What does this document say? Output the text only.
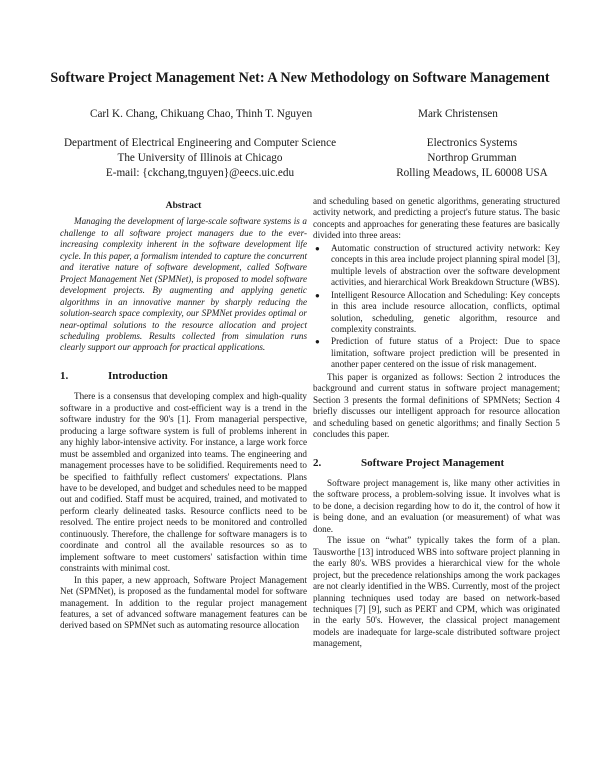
Software Project Management Net: A New Methodology on Software Management

Carl K. Chang, Chikuang Chao, Thinh T. Nguyen	Mark Christensen

Department of Electrical Engineering and Computer Science
The University of Illinois at Chicago
E-mail: {ckchang,tnguyen}@eecs.uic.edu
Electronics Systems
Northrop Grumman
Rolling Meadows, IL 60008 USA
Abstract

Managing the development of large-scale software systems is a challenge to all software project managers due to the ever-increasing complexity inherent in the software development life cycle. In this paper, a formalism intended to capture the concurrent and iterative nature of software development, called Software Project Management Net (SPMNet), is proposed to model software development projects. By augmenting and applying genetic algorithms in an innovative manner by sharply reducing the solution-search space complexity, our SPMNet provides optimal or near-optimal solutions to the resource allocation and project scheduling problems. Results collected from simulation runs clearly support our approach for practical applications.

1.	Introduction

There is a consensus that developing complex and high-quality software in a productive and cost-efficient way is a trend in the software industry for the 90's [1]. From managerial perspective, producing a large software system is full of problems inherent in any highly labor-intensive activity. For instance, a large work force must be assembled and organized into teams. The engineering and management processes have to be solidified. Requirements need to be specified to faithfully reflect customers' expectations. Plans have to be developed, and budget and schedules need to be mapped out and codified. Staff must be acquired, trained, and motivated to perform clearly delineated tasks. Resource conflicts need to be resolved. The entire project needs to be monitored and controlled continuously. Therefore, the challenge for software managers is to coordinate and control all the available resources so as to implement software to meet customers' satisfaction within time constraints with minimal cost.

In this paper, a new approach, Software Project Management Net (SPMNet), is proposed as the fundamental model for software management. In addition to the regular project management features, a set of advanced software management features can be derived based on SPMNet such as automating resource allocation

and scheduling based on genetic algorithms, generating structured activity network, and predicting a project's future status. The basic concepts and approaches for generating these features are basically divided into three areas:

● Automatic construction of structured activity network: Key concepts in this area include project planning spiral model [3], multiple levels of abstraction over the software development activities, and hierarchical Work Breakdown Structure (WBS).
● Intelligent Resource Allocation and Scheduling: Key concepts in this area include resource allocation, conflicts, optimal solution, scheduling, genetic algorithm, resource and complexity constraints.
● Prediction of future status of a Project: Due to space limitation, software project prediction will be presented in another paper centered on the issue of risk management.

This paper is organized as follows: Section 2 introduces the background and current status in software project management; Section 3 presents the formal definitions of SPMNets; Section 4 briefly discusses our intelligent approach for resource allocation and scheduling based on genetic algorithms; and finally Section 5 concludes this paper.

2.	Software Project Management

Software project management is, like many other activities in the software process, a problem-solving issue. It involves what is to be done, a decision regarding how to do it, the control of how it is being done, and an evaluation (or measurement) of what was done.

The issue on “what” typically takes the form of a plan. Tausworthe [13] introduced WBS into software project planning in the early 80's. WBS provides a hierarchical view for the whole project, but the precedence relationships among the work packages are not clearly identified in the WBS. Currently, most of the project planning techniques used today are based on network-based techniques [7] [9], such as PERT and CPM, which was originated in the early 50's. However, the classical project management models are inadequate for large-scale distributed software project management,
